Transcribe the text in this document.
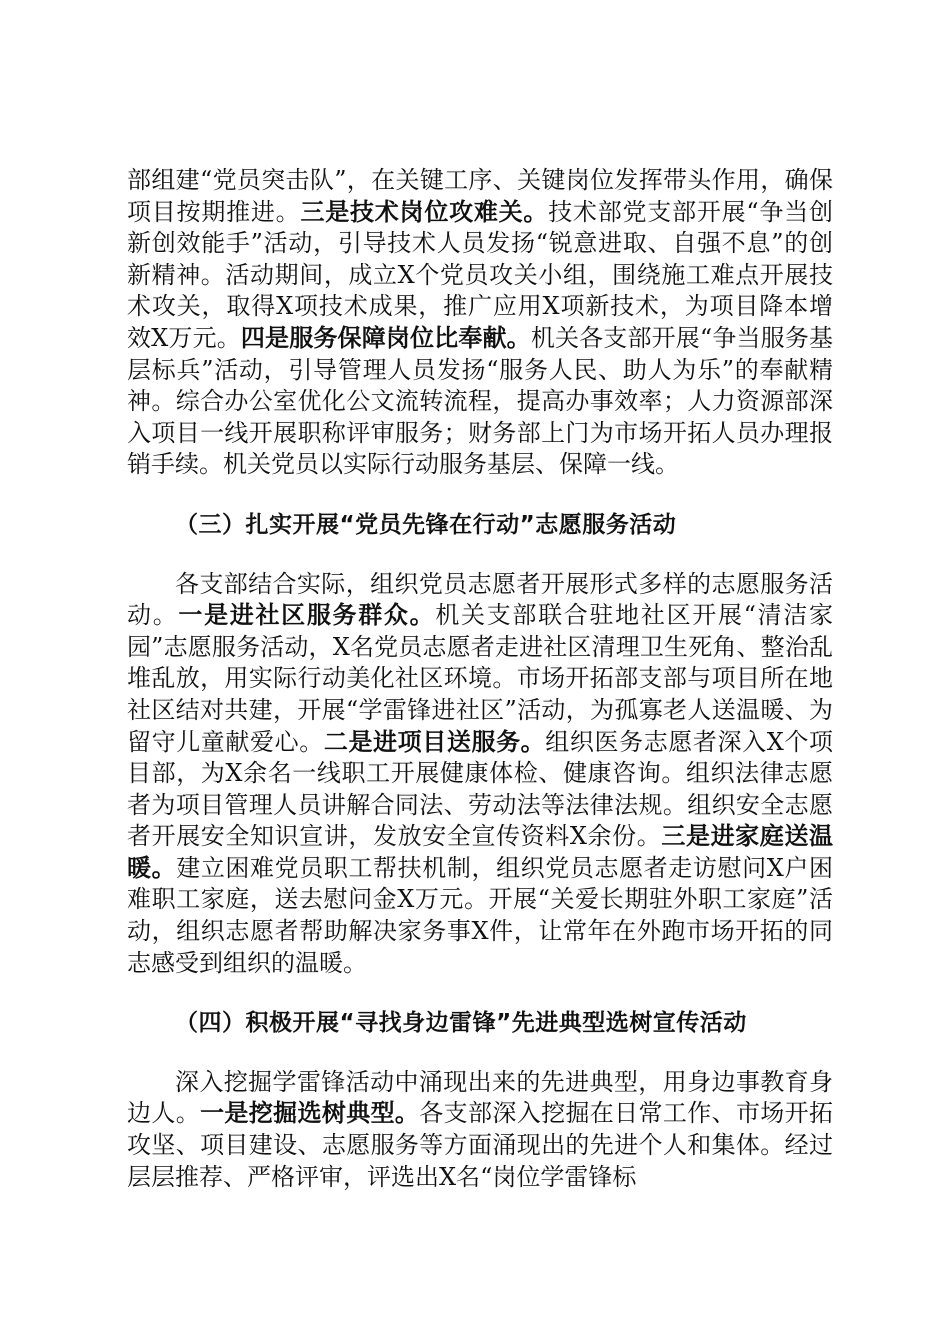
部组建“党员突击队”，在关键工序、关键岗位发挥带头作用，确保项目按期推进。三是技术岗位攻难关。技术部党支部开展“争当创新创效能手”活动，引导技术人员发扬“锐意进取、自强不息”的创新精神。活动期间，成立X个党员攻关小组，围绕施工难点开展技术攻关，取得X项技术成果，推广应用X项新技术，为项目降本增效X万元。四是服务保障岗位比奉献。机关各支部开展“争当服务基层标兵”活动，引导管理人员发扬“服务人民、助人为乐”的奉献精神。综合办公室优化公文流转流程，提高办事效率；人力资源部深入项目一线开展职称评审服务；财务部上门为市场开拓人员办理报销手续。机关党员以实际行动服务基层、保障一线。

（三）扎实开展“党员先锋在行动”志愿服务活动

各支部结合实际，组织党员志愿者开展形式多样的志愿服务活动。一是进社区服务群众。机关支部联合驻地社区开展“清洁家园”志愿服务活动，X名党员志愿者走进社区清理卫生死角、整治乱堆乱放，用实际行动美化社区环境。市场开拓部支部与项目所在地社区结对共建，开展“学雷锋进社区”活动，为孤寡老人送温暖、为留守儿童献爱心。二是进项目送服务。组织医务志愿者深入X个项目部，为X余名一线职工开展健康体检、健康咨询。组织法律志愿者为项目管理人员讲解合同法、劳动法等法律法规。组织安全志愿者开展安全知识宣讲，发放安全宣传资料X余份。三是进家庭送温暖。建立困难党员职工帮扶机制，组织党员志愿者走访慰问X户困难职工家庭，送去慰问金X万元。开展“关爱长期驻外职工家庭”活动，组织志愿者帮助解决家务事X件，让常年在外跑市场开拓的同志感受到组织的温暖。

（四）积极开展“寻找身边雷锋”先进典型选树宣传活动

深入挖掘学雷锋活动中涌现出来的先进典型，用身边事教育身边人。一是挖掘选树典型。各支部深入挖掘在日常工作、市场开拓攻坚、项目建设、志愿服务等方面涌现出的先进个人和集体。经过层层推荐、严格评审，评选出X名“岗位学雷锋标
